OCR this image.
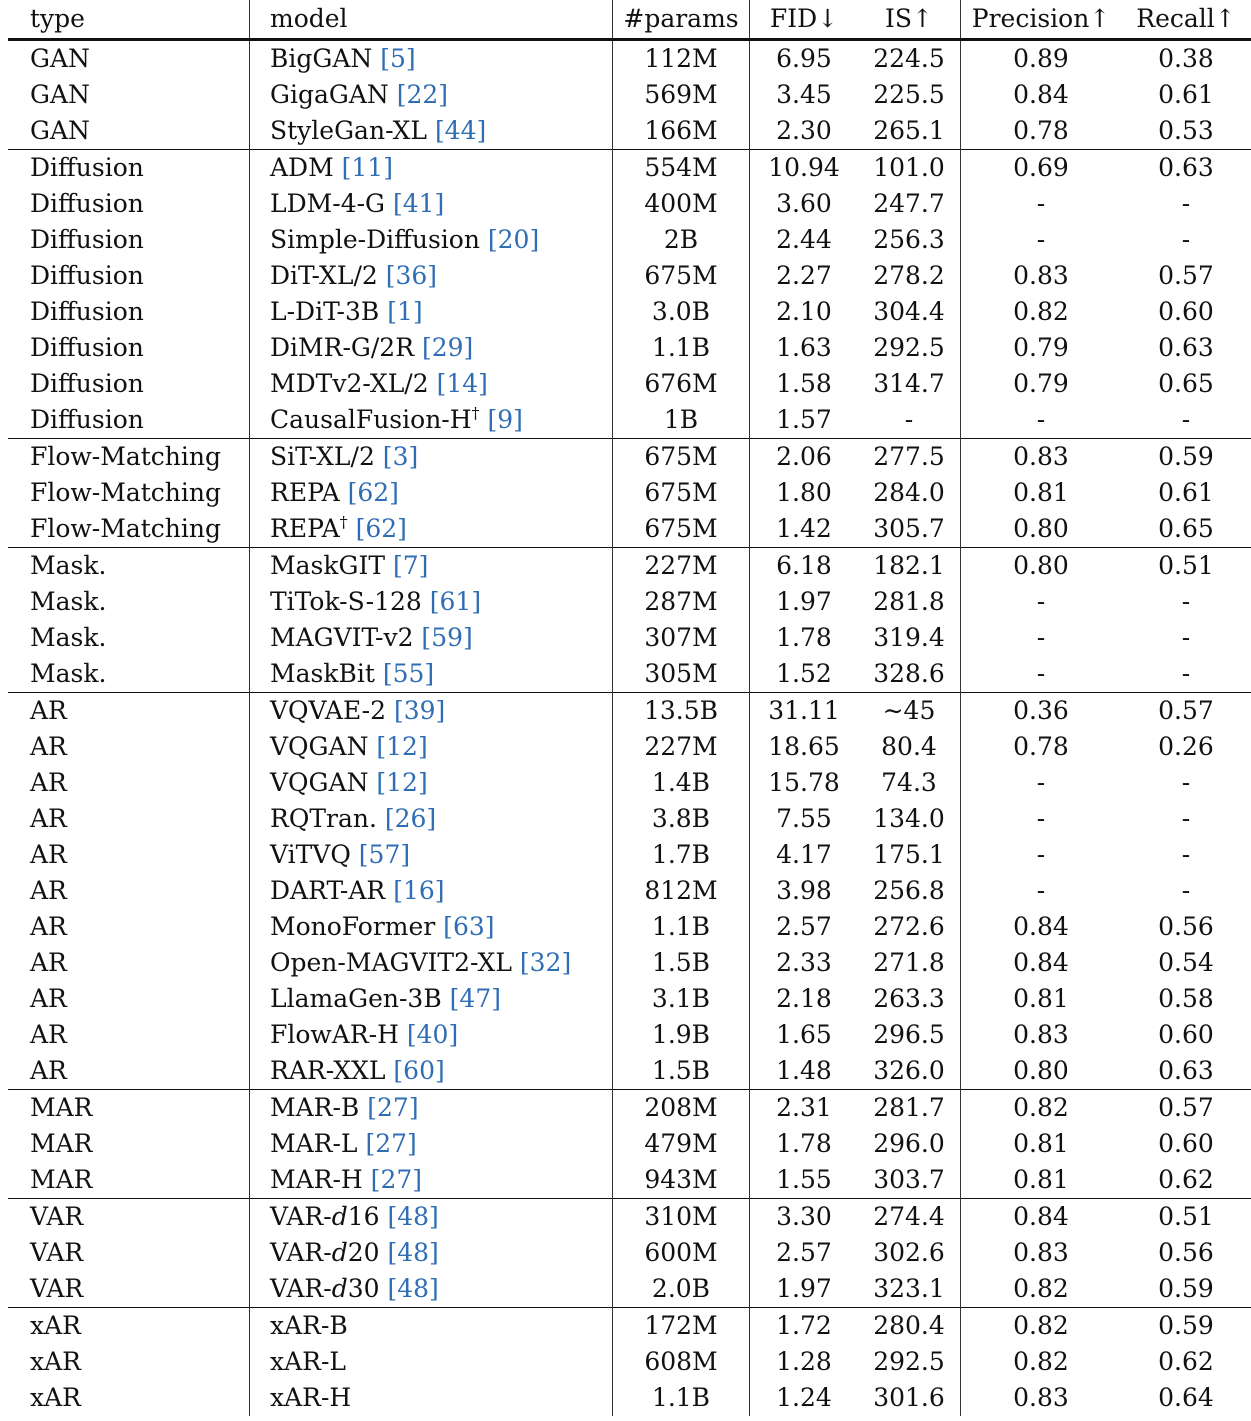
type	model	#params	FID↓	IS↑	Precision↑	Recall↑
GAN	BigGAN [5]	112M	6.95	224.5	0.89	0.38
GAN	GigaGAN [22]	569M	3.45	225.5	0.84	0.61
GAN	StyleGan-XL [44]	166M	2.30	265.1	0.78	0.53
Diffusion	ADM [11]	554M	10.94	101.0	0.69	0.63
Diffusion	LDM-4-G [41]	400M	3.60	247.7	-	-
Diffusion	Simple-Diffusion [20]	2B	2.44	256.3	-	-
Diffusion	DiT-XL/2 [36]	675M	2.27	278.2	0.83	0.57
Diffusion	L-DiT-3B [1]	3.0B	2.10	304.4	0.82	0.60
Diffusion	DiMR-G/2R [29]	1.1B	1.63	292.5	0.79	0.63
Diffusion	MDTv2-XL/2 [14]	676M	1.58	314.7	0.79	0.65
Diffusion	CausalFusion-H† [9]	1B	1.57	-	-	-
Flow-Matching	SiT-XL/2 [3]	675M	2.06	277.5	0.83	0.59
Flow-Matching	REPA [62]	675M	1.80	284.0	0.81	0.61
Flow-Matching	REPA† [62]	675M	1.42	305.7	0.80	0.65
Mask.	MaskGIT [7]	227M	6.18	182.1	0.80	0.51
Mask.	TiTok-S-128 [61]	287M	1.97	281.8	-	-
Mask.	MAGVIT-v2 [59]	307M	1.78	319.4	-	-
Mask.	MaskBit [55]	305M	1.52	328.6	-	-
AR	VQVAE-2 [39]	13.5B	31.11	∼45	0.36	0.57
AR	VQGAN [12]	227M	18.65	80.4	0.78	0.26
AR	VQGAN [12]	1.4B	15.78	74.3	-	-
AR	RQTran. [26]	3.8B	7.55	134.0	-	-
AR	ViTVQ [57]	1.7B	4.17	175.1	-	-
AR	DART-AR [16]	812M	3.98	256.8	-	-
AR	MonoFormer [63]	1.1B	2.57	272.6	0.84	0.56
AR	Open-MAGVIT2-XL [32]	1.5B	2.33	271.8	0.84	0.54
AR	LlamaGen-3B [47]	3.1B	2.18	263.3	0.81	0.58
AR	FlowAR-H [40]	1.9B	1.65	296.5	0.83	0.60
AR	RAR-XXL [60]	1.5B	1.48	326.0	0.80	0.63
MAR	MAR-B [27]	208M	2.31	281.7	0.82	0.57
MAR	MAR-L [27]	479M	1.78	296.0	0.81	0.60
MAR	MAR-H [27]	943M	1.55	303.7	0.81	0.62
VAR	VAR-d16 [48]	310M	3.30	274.4	0.84	0.51
VAR	VAR-d20 [48]	600M	2.57	302.6	0.83	0.56
VAR	VAR-d30 [48]	2.0B	1.97	323.1	0.82	0.59
xAR	xAR-B	172M	1.72	280.4	0.82	0.59
xAR	xAR-L	608M	1.28	292.5	0.82	0.62
xAR	xAR-H	1.1B	1.24	301.6	0.83	0.64
